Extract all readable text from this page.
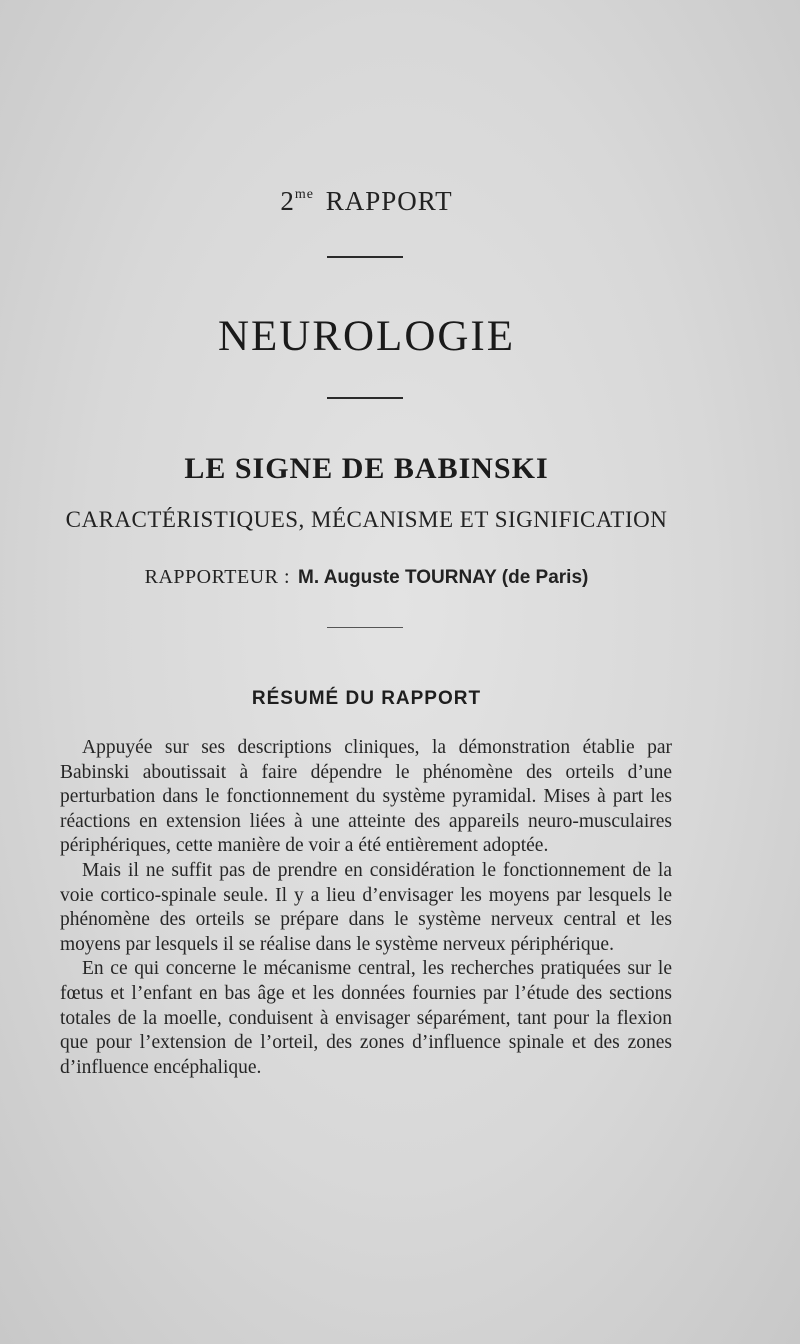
$2^{me}$ RAPPORT
NEUROLOGIE
LE SIGNE DE BABINSKI
CARACTÉRISTIQUES, MÉCANISME ET SIGNIFICATION
RAPPORTEUR : M. Auguste TOURNAY (de Paris)
RÉSUMÉ DU RAPPORT

Appuyée sur ses descriptions cliniques, la démonstration établie par Babinski aboutissait à faire dépendre le phénomène des orteils d’une perturbation dans le fonctionnement du système pyramidal. Mises à part les réactions en extension liées à une atteinte des appareils neuro-musculaires périphériques, cette manière de voir a été entièrement adoptée.

Mais il ne suffit pas de prendre en considération le fonctionnement de la voie cortico-spinale seule. Il y a lieu d’envisager les moyens par lesquels le phénomène des orteils se prépare dans le système nerveux central et les moyens par lesquels il se réalise dans le système nerveux périphérique.

En ce qui concerne le mécanisme central, les recherches pratiquées sur le fœtus et l’enfant en bas âge et les données fournies par l’étude des sections totales de la moelle, conduisent à envisager séparément, tant pour la flexion que pour l’extension de l’orteil, des zones d’influence spinale et des zones d’influence encéphalique.
